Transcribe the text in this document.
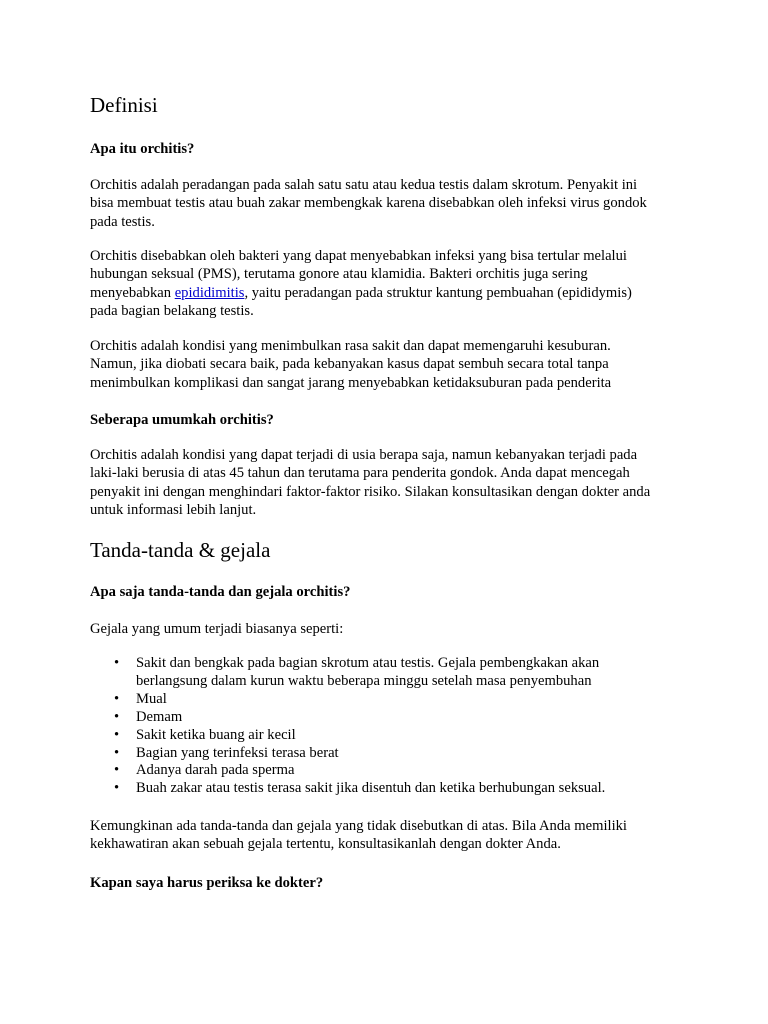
Definisi
Apa itu orchitis?

Orchitis adalah peradangan pada salah satu satu atau kedua testis dalam skrotum. Penyakit ini
bisa membuat testis atau buah zakar membengkak karena disebabkan oleh infeksi virus gondok
pada testis.

Orchitis disebabkan oleh bakteri yang dapat menyebabkan infeksi yang bisa tertular melalui
hubungan seksual (PMS), terutama gonore atau klamidia. Bakteri orchitis juga sering
menyebabkan epididimitis, yaitu peradangan pada struktur kantung pembuahan (epididymis)
pada bagian belakang testis.

Orchitis adalah kondisi yang menimbulkan rasa sakit dan dapat memengaruhi kesuburan.
Namun, jika diobati secara baik, pada kebanyakan kasus dapat sembuh secara total tanpa
menimbulkan komplikasi dan sangat jarang menyebabkan ketidaksuburan pada penderita

Seberapa umumkah orchitis?

Orchitis adalah kondisi yang dapat terjadi di usia berapa saja, namun kebanyakan terjadi pada
laki-laki berusia di atas 45 tahun dan terutama para penderita gondok. Anda dapat mencegah
penyakit ini dengan menghindari faktor-faktor risiko. Silakan konsultasikan dengan dokter anda
untuk informasi lebih lanjut.

Tanda-tanda & gejala
Apa saja tanda-tanda dan gejala orchitis?

Gejala yang umum terjadi biasanya seperti:

• Sakit dan bengkak pada bagian skrotum atau testis. Gejala pembengkakan akan
berlangsung dalam kurun waktu beberapa minggu setelah masa penyembuhan
• Mual
• Demam
• Sakit ketika buang air kecil
• Bagian yang terinfeksi terasa berat
• Adanya darah pada sperma
• Buah zakar atau testis terasa sakit jika disentuh dan ketika berhubungan seksual.

Kemungkinan ada tanda-tanda dan gejala yang tidak disebutkan di atas. Bila Anda memiliki
kekhawatiran akan sebuah gejala tertentu, konsultasikanlah dengan dokter Anda.

Kapan saya harus periksa ke dokter?
